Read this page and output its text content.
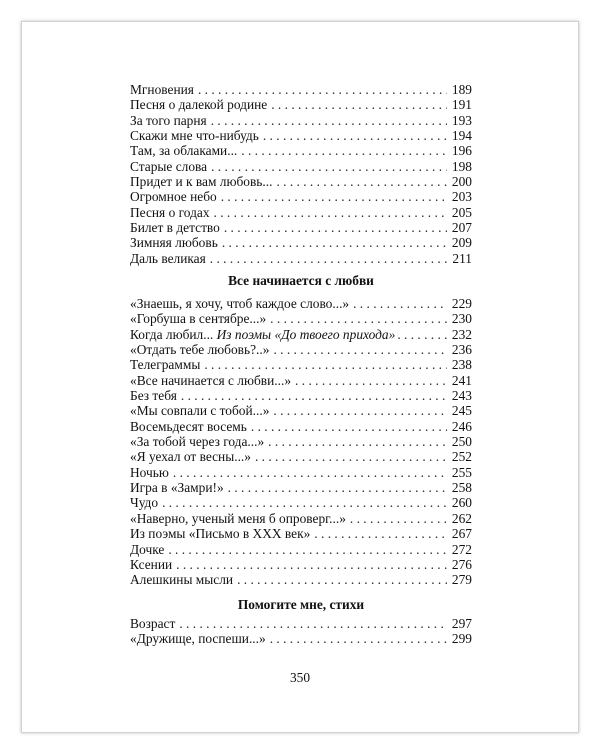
Мгновения . . .	189
Песня о далекой родине . . .	191
За того парня . . .	193
Скажи мне что-нибудь . . .	194
Там, за облаками... . . .	196
Старые слова . . .	198
Придет и к вам любовь... . . .	200
Огромное небо . . .	203
Песня о годах . . .	205
Билет в детство . . .	207
Зимняя любовь . . .	209
Даль великая . . .	211
Все начинается с любви
«Знаешь, я хочу, чтоб каждое слово...» . . .	229
«Горбуша в сентябре...» . . .	230
Когда любил... Из поэмы «До твоего прихода» . . .	232
«Отдать тебе любовь?..» . . .	236
Телеграммы . . .	238
«Все начинается с любви...» . . .	241
Без тебя . . .	243
«Мы совпали с тобой...» . . .	245
Восемьдесят восемь . . .	246
«За тобой через года...» . . .	250
«Я уехал от весны...» . . .	252
Ночью . . .	255
Игра в «Замри!» . . .	258
Чудо . . .	260
«Наверно, ученый меня б опроверг...» . . .	262
Из поэмы «Письмо в XXX век» . . .	267
Дочке . . .	272
Ксении . . .	276
Алешкины мысли . . .	279
Помогите мне, стихи
Возраст . . .	297
«Дружище, поспеши...» . . .	299
350
